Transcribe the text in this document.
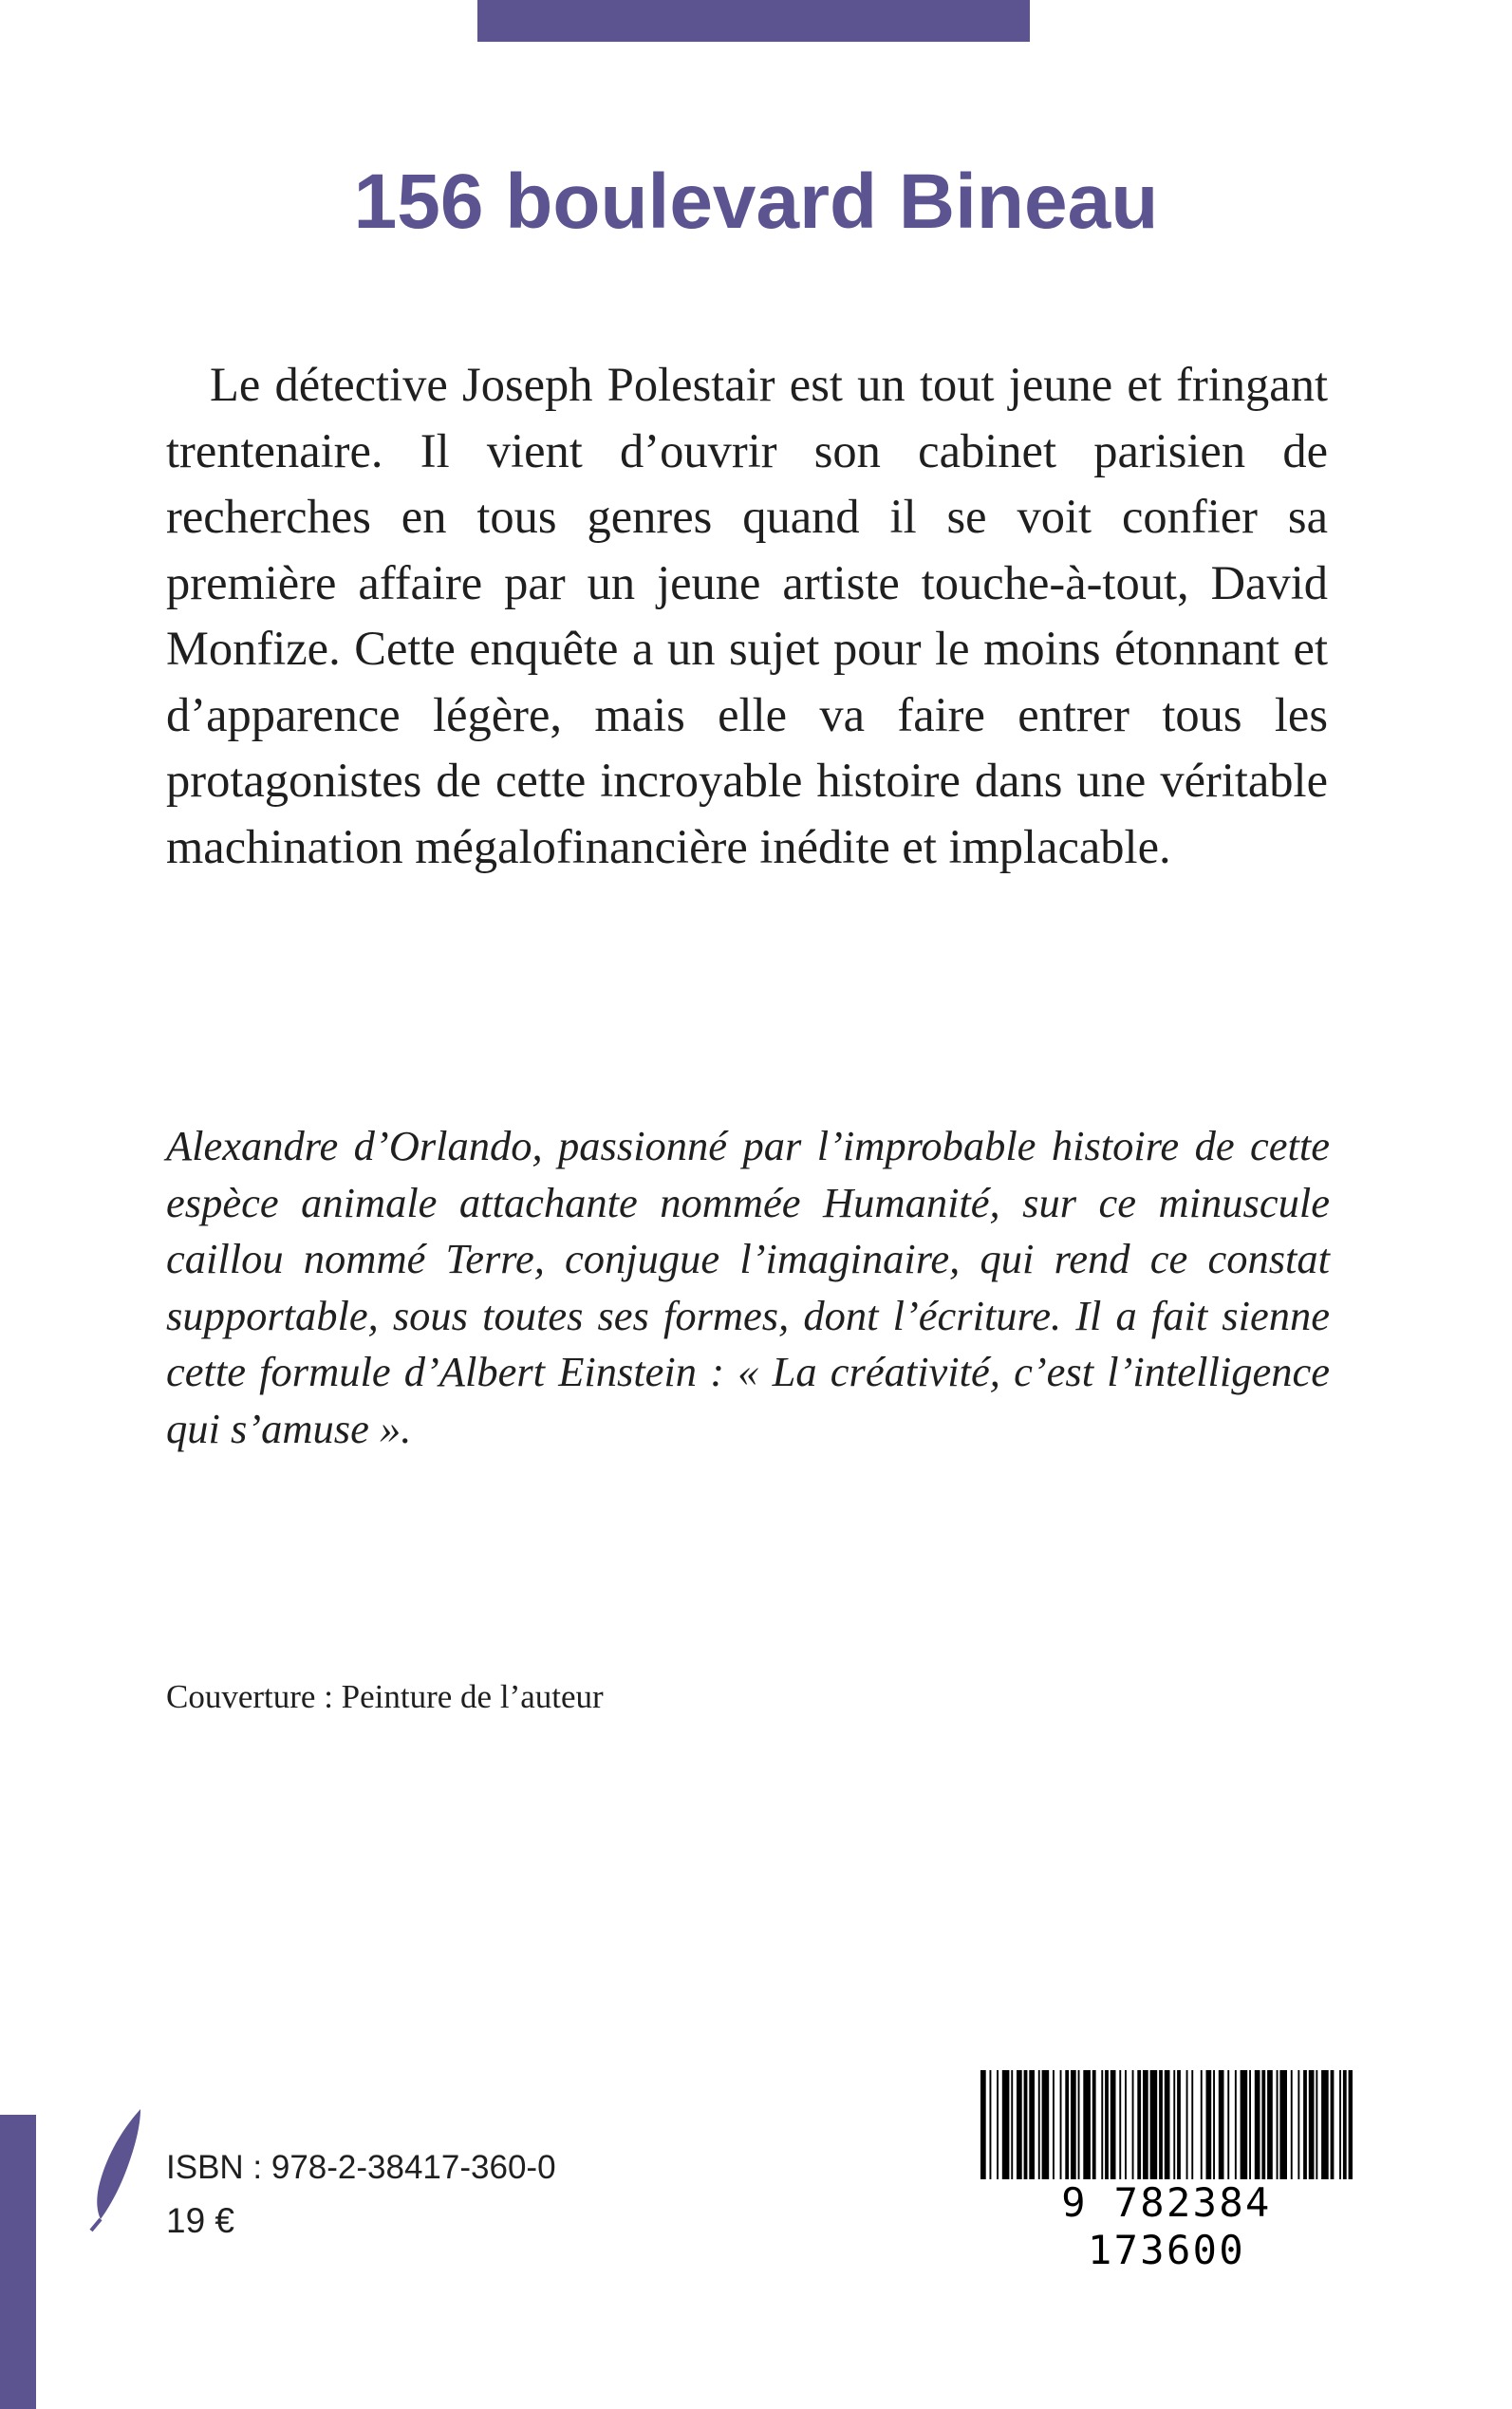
156 boulevard Bineau

Le détective Joseph Polestair est un tout jeune et fringant trentenaire. Il vient d’ouvrir son cabinet parisien de recherches en tous genres quand il se voit confier sa première affaire par un jeune artiste touche-à-tout, David Monfize. Cette enquête a un sujet pour le moins étonnant et d’apparence légère, mais elle va faire entrer tous les protagonistes de cette incroyable histoire dans une véritable machination mégalofinancière inédite et implacable.

Alexandre d’Orlando, passionné par l’improbable histoire de cette espèce animale attachante nommée Humanité, sur ce minuscule caillou nommé Terre, conjugue l’imaginaire, qui rend ce constat supportable, sous toutes ses formes, dont l’écriture. Il a fait sienne cette formule d’Albert Einstein : « La créativité, c’est l’intelligence qui s’amuse ».

Couverture : Peinture de l’auteur

ISBN : 978-2-38417-360-0
19 €	9 782384 173600
